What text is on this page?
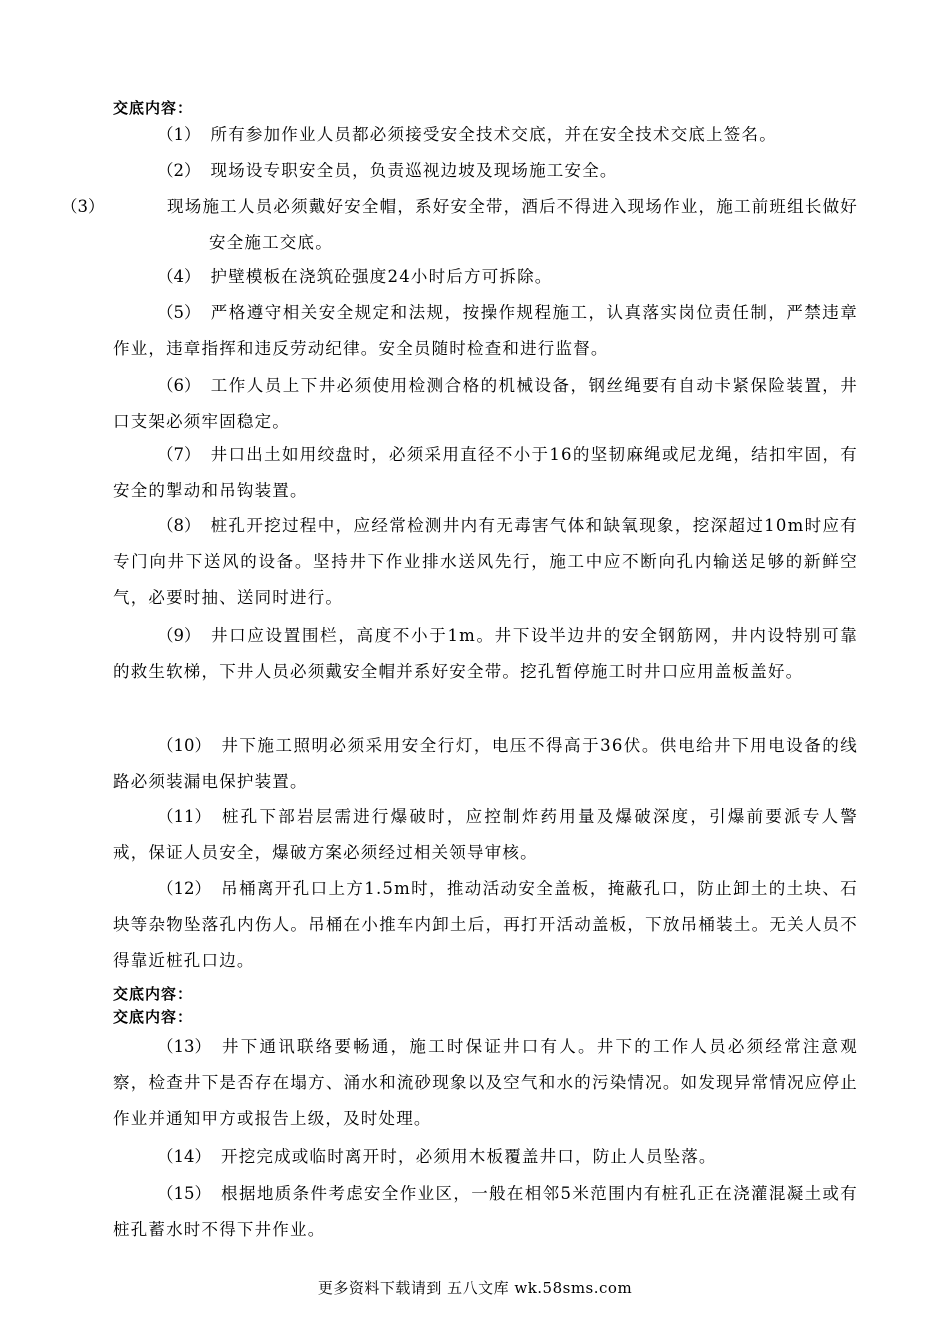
交底内容：
（1） 所有参加作业人员都必须接受安全技术交底，并在安全技术交底上签名。
（2） 现场设专职安全员，负责巡视边坡及现场施工安全。
（3）	现场施工人员必须戴好安全帽，系好安全带，酒后不得进入现场作业，施工前班组长做好安全施工交底。
（4） 护壁模板在浇筑砼强度24小时后方可拆除。
（5） 严格遵守相关安全规定和法规，按操作规程施工，认真落实岗位责任制，严禁违章作业，违章指挥和违反劳动纪律。安全员随时检查和进行监督。
（6） 工作人员上下井必须使用检测合格的机械设备，钢丝绳要有自动卡紧保险装置，井口支架必须牢固稳定。
（7） 井口出土如用绞盘时，必须采用直径不小于16的坚韧麻绳或尼龙绳，结扣牢固，有安全的掣动和吊钩装置。
（8） 桩孔开挖过程中，应经常检测井内有无毒害气体和缺氧现象，挖深超过10m时应有专门向井下送风的设备。坚持井下作业排水送风先行，施工中应不断向孔内输送足够的新鲜空气，必要时抽、送同时进行。
（9） 井口应设置围栏，高度不小于1m。井下设半边井的安全钢筋网，井内设特别可靠的救生软梯，下井人员必须戴安全帽并系好安全带。挖孔暂停施工时井口应用盖板盖好。
（10） 井下施工照明必须采用安全行灯，电压不得高于36伏。供电给井下用电设备的线路必须装漏电保护装置。
（11） 桩孔下部岩层需进行爆破时，应控制炸药用量及爆破深度，引爆前要派专人警戒，保证人员安全，爆破方案必须经过相关领导审核。
（12） 吊桶离开孔口上方1.5m时，推动活动安全盖板，掩蔽孔口，防止卸土的土块、石块等杂物坠落孔内伤人。吊桶在小推车内卸土后，再打开活动盖板，下放吊桶装土。无关人员不得靠近桩孔口边。
交底内容：
交底内容：
（13） 井下通讯联络要畅通，施工时保证井口有人。井下的工作人员必须经常注意观察，检查井下是否存在塌方、涌水和流砂现象以及空气和水的污染情况。如发现异常情况应停止作业并通知甲方或报告上级，及时处理。
（14） 开挖完成或临时离开时，必须用木板覆盖井口，防止人员坠落。
（15） 根据地质条件考虑安全作业区，一般在相邻5米范围内有桩孔正在浇灌混凝土或有桩孔蓄水时不得下井作业。
更多资料下载请到 五八文库 wk.58sms.com
